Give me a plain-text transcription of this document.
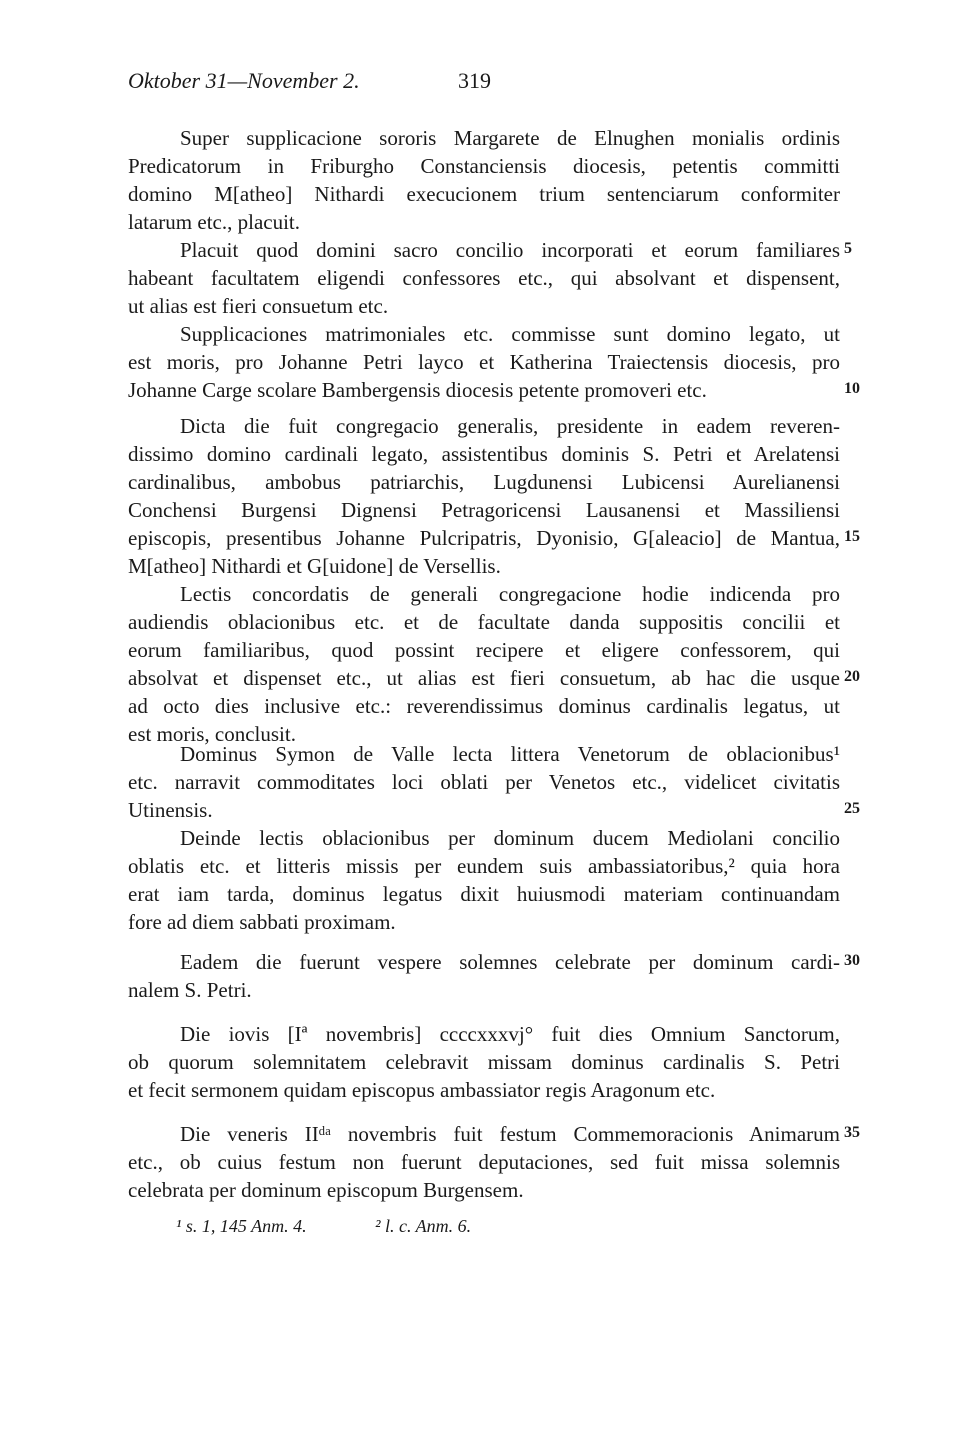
Oktober 31—November 2.	319
Super supplicacione sororis Margarete de Elnughen monialis ordinis
Predicatorum in Friburgho Constanciensis diocesis, petentis committi
domino M[atheo] Nithardi execucionem trium sentenciarum conformiter
latarum etc., placuit.
Placuit quod domini sacro concilio incorporati et eorum familiares
habeant facultatem eligendi confessores etc., qui absolvant et dispensent,
ut alias est fieri consuetum etc.
Supplicaciones matrimoniales etc. commisse sunt domino legato, ut
est moris, pro Johanne Petri layco et Katherina Traiectensis diocesis, pro
Johanne Carge scolare Bambergensis diocesis petente promoveri etc.
Dicta die fuit congregacio generalis, presidente in eadem reveren-
dissimo domino cardinali legato, assistentibus dominis S. Petri et Arelatensi
cardinalibus, ambobus patriarchis, Lugdunensi Lubicensi Aurelianensi
Conchensi Burgensi Dignensi Petragoricensi Lausanensi et Massiliensi
episcopis, presentibus Johanne Pulcripatris, Dyonisio, G[aleacio] de Mantua,
M[atheo] Nithardi et G[uidone] de Versellis.
Lectis concordatis de generali congregacione hodie indicenda pro
audiendis oblacionibus etc. et de facultate danda suppositis concilii et
eorum familiaribus, quod possint recipere et eligere confessorem, qui
absolvat et dispenset etc., ut alias est fieri consuetum, ab hac die usque
ad octo dies inclusive etc.: reverendissimus dominus cardinalis legatus, ut
est moris, conclusit.
Dominus Symon de Valle lecta littera Venetorum de oblacionibus¹
etc. narravit commoditates loci oblati per Venetos etc., videlicet civitatis
Utinensis.
Deinde lectis oblacionibus per dominum ducem Mediolani concilio
oblatis etc. et litteris missis per eundem suis ambassiatoribus,² quia hora
erat iam tarda, dominus legatus dixit huiusmodi materiam continuandam
fore ad diem sabbati proximam.
Eadem die fuerunt vespere solemnes celebrate per dominum cardi-
nalem S. Petri.
Die iovis [Iª novembris] ccccxxxvj° fuit dies Omnium Sanctorum,
ob quorum solemnitatem celebravit missam dominus cardinalis S. Petri
et fecit sermonem quidam episcopus ambassiator regis Aragonum etc.
Die veneris IIᵈᵃ novembris fuit festum Commemoracionis Animarum
etc., ob cuius festum non fuerunt deputaciones, sed fuit missa solemnis
celebrata per dominum episcopum Burgensem.
5
10
15
20
25
30
35
¹ s. 1, 145 Anm. 4.	² l. c. Anm. 6.
